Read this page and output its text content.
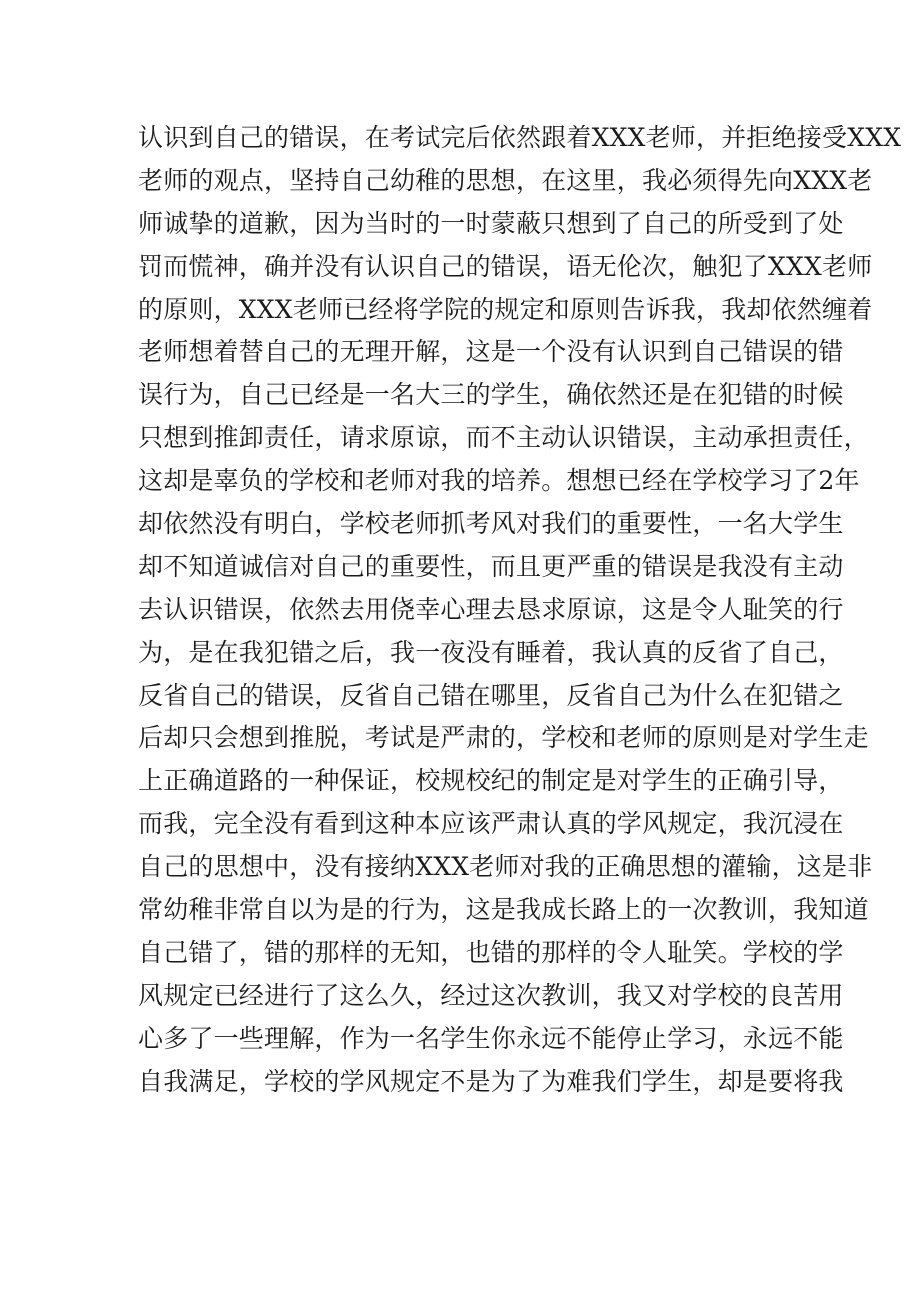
认识到自己的错误，在考试完后依然跟着XXX老师，并拒绝接受XXX
老师的观点，坚持自己幼稚的思想，在这里，我必须得先向XXX老
师诚挚的道歉，因为当时的一时蒙蔽只想到了自己的所受到了处
罚而慌神，确并没有认识自己的错误，语无伦次，触犯了XXX老师
的原则，XXX老师已经将学院的规定和原则告诉我，我却依然缠着
老师想着替自己的无理开解，这是一个没有认识到自己错误的错
误行为，自己已经是一名大三的学生，确依然还是在犯错的时候
只想到推卸责任，请求原谅，而不主动认识错误，主动承担责任，
这却是辜负的学校和老师对我的培养。想想已经在学校学习了2年
却依然没有明白，学校老师抓考风对我们的重要性，一名大学生
却不知道诚信对自己的重要性，而且更严重的错误是我没有主动
去认识错误，依然去用侥幸心理去恳求原谅，这是令人耻笑的行
为，是在我犯错之后，我一夜没有睡着，我认真的反省了自己，
反省自己的错误，反省自己错在哪里，反省自己为什么在犯错之
后却只会想到推脱，考试是严肃的，学校和老师的原则是对学生走
上正确道路的一种保证，校规校纪的制定是对学生的正确引导，
而我，完全没有看到这种本应该严肃认真的学风规定，我沉浸在
自己的思想中，没有接纳XXX老师对我的正确思想的灌输，这是非
常幼稚非常自以为是的行为，这是我成长路上的一次教训，我知道
自己错了，错的那样的无知，也错的那样的令人耻笑。学校的学
风规定已经进行了这么久，经过这次教训，我又对学校的良苦用
心多了一些理解，作为一名学生你永远不能停止学习，永远不能
自我满足，学校的学风规定不是为了为难我们学生，却是要将我
